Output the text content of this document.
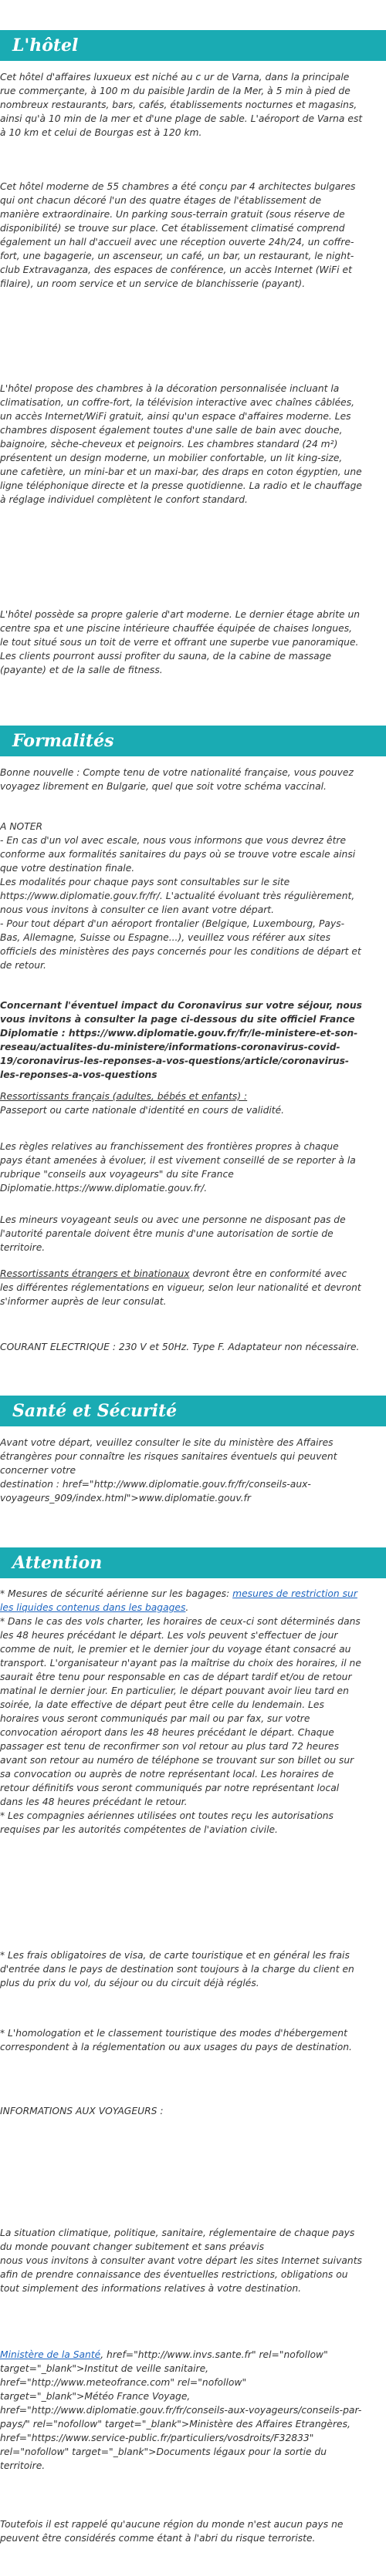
L'hôtel
Cet hôtel d'affaires luxueux est niché au c ur de Varna, dans la principale rue commerçante, à 100 m du paisible Jardin de la Mer, à 5 min à pied de nombreux restaurants, bars, cafés, établissements nocturnes et magasins, ainsi qu'à 10 min de la mer et d'une plage de sable. L'aéroport de Varna est à 10 km et celui de Bourgas est à 120 km.
Cet hôtel moderne de 55 chambres a été conçu par 4 architectes bulgares qui ont chacun décoré l'un des quatre étages de l'établissement de manière extraordinaire. Un parking sous-terrain gratuit (sous réserve de disponibilité) se trouve sur place. Cet établissement climatisé comprend également un hall d'accueil avec une réception ouverte 24h/24, un coffre-fort, une bagagerie, un ascenseur, un café, un bar, un restaurant, le night-club Extravaganza, des espaces de conférence, un accès Internet (WiFi et filaire), un room service et un service de blanchisserie (payant).
L'hôtel propose des chambres à la décoration personnalisée incluant la climatisation, un coffre-fort, la télévision interactive avec chaînes câblées, un accès Internet/WiFi gratuit, ainsi qu'un espace d'affaires moderne. Les chambres disposent également toutes d'une salle de bain avec douche, baignoire, sèche-cheveux et peignoirs. Les chambres standard (24 m²) présentent un design moderne, un mobilier confortable, un lit king-size, une cafetière, un mini-bar et un maxi-bar, des draps en coton égyptien, une ligne téléphonique directe et la presse quotidienne. La radio et le chauffage à réglage individuel complètent le confort standard.
L'hôtel possède sa propre galerie d'art moderne. Le dernier étage abrite un centre spa et une piscine intérieure chauffée équipée de chaises longues, le tout situé sous un toit de verre et offrant une superbe vue panoramique. Les clients pourront aussi profiter du sauna, de la cabine de massage (payante) et de la salle de fitness.
Formalités
Bonne nouvelle : Compte tenu de votre nationalité française, vous pouvez voyagez librement en Bulgarie, quel que soit votre schéma vaccinal.
A NOTER
- En cas d'un vol avec escale, nous vous informons que vous devrez être conforme aux formalités sanitaires du pays où se trouve votre escale ainsi que votre destination finale.
Les modalités pour chaque pays sont consultables sur le site https://www.diplomatie.gouv.fr/fr/. L'actualité évoluant très régulièrement, nous vous invitons à consulter ce lien avant votre départ.
- Pour tout départ d'un aéroport frontalier (Belgique, Luxembourg, Pays-Bas, Allemagne, Suisse ou Espagne...), veuillez vous référer aux sites officiels des ministères des pays concernés pour les conditions de départ et de retour.
Concernant l'éventuel impact du Coronavirus sur votre séjour, nous vous invitons à consulter la page ci-dessous du site officiel France Diplomatie : https://www.diplomatie.gouv.fr/fr/le-ministere-et-son-reseau/actualites-du-ministere/informations-coronavirus-covid-19/coronavirus-les-reponses-a-vos-questions/article/coronavirus-les-reponses-a-vos-questions
Ressortissants français (adultes, bébés et enfants) :
Passeport ou carte nationale d'identité en cours de validité.
Les règles relatives au franchissement des frontières propres à chaque pays étant amenées à évoluer, il est vivement conseillé de se reporter à la rubrique "conseils aux voyageurs" du site France Diplomatie.https://www.diplomatie.gouv.fr/.
Les mineurs voyageant seuls ou avec une personne ne disposant pas de l'autorité parentale doivent être munis d'une autorisation de sortie de territoire.
Ressortissants étrangers et binationaux devront être en conformité avec les différentes réglementations en vigueur, selon leur nationalité et devront s'informer auprès de leur consulat.
COURANT ELECTRIQUE : 230 V et 50Hz. Type F. Adaptateur non nécessaire.
Santé et Sécurité
Avant votre départ, veuillez consulter le site du ministère des Affaires étrangères pour connaître les risques sanitaires éventuels qui peuvent concerner votre
destination : href="http://www.diplomatie.gouv.fr/fr/conseils-aux-voyageurs_909/index.html">www.diplomatie.gouv.fr
Attention
* Mesures de sécurité aérienne sur les bagages: mesures de restriction sur les liquides contenus dans les bagages.
* Dans le cas des vols charter, les horaires de ceux-ci sont déterminés dans les 48 heures précédant le départ. Les vols peuvent s'effectuer de jour comme de nuit, le premier et le dernier jour du voyage étant consacré au transport. L'organisateur n'ayant pas la maîtrise du choix des horaires, il ne saurait être tenu pour responsable en cas de départ tardif et/ou de retour matinal le dernier jour. En particulier, le départ pouvant avoir lieu tard en soirée, la date effective de départ peut être celle du lendemain. Les horaires vous seront communiqués par mail ou par fax, sur votre convocation aéroport dans les 48 heures précédant le départ. Chaque passager est tenu de reconfirmer son vol retour au plus tard 72 heures avant son retour au numéro de téléphone se trouvant sur son billet ou sur sa convocation ou auprès de notre représentant local. Les horaires de retour définitifs vous seront communiqués par notre représentant local dans les 48 heures précédant le retour.
* Les compagnies aériennes utilisées ont toutes reçu les autorisations requises par les autorités compétentes de l'aviation civile.
* Les frais obligatoires de visa, de carte touristique et en général les frais d'entrée dans le pays de destination sont toujours à la charge du client en plus du prix du vol, du séjour ou du circuit déjà réglés.
* L'homologation et le classement touristique des modes d'hébergement correspondent à la réglementation ou aux usages du pays de destination.
INFORMATIONS AUX VOYAGEURS :
La situation climatique, politique, sanitaire, réglementaire de chaque pays du monde pouvant changer subitement et sans préavis
nous vous invitons à consulter avant votre départ les sites Internet suivants afin de prendre connaissance des éventuelles restrictions, obligations ou tout simplement des informations relatives à votre destination.
Ministère de la Santé, href="http://www.invs.sante.fr" rel="nofollow" target="_blank">Institut de veille sanitaire, href="http://www.meteofrance.com" rel="nofollow" target="_blank">Météo France Voyage, href="http://www.diplomatie.gouv.fr/fr/conseils-aux-voyageurs/conseils-par-pays/" rel="nofollow" target="_blank">Ministère des Affaires Etrangères, href="https://www.service-public.fr/particuliers/vosdroits/F32833" rel="nofollow" target="_blank">Documents légaux pour la sortie du territoire.
Toutefois il est rappelé qu'aucune région du monde n'est aucun pays ne peuvent être considérés comme étant à l'abri du risque terroriste.
